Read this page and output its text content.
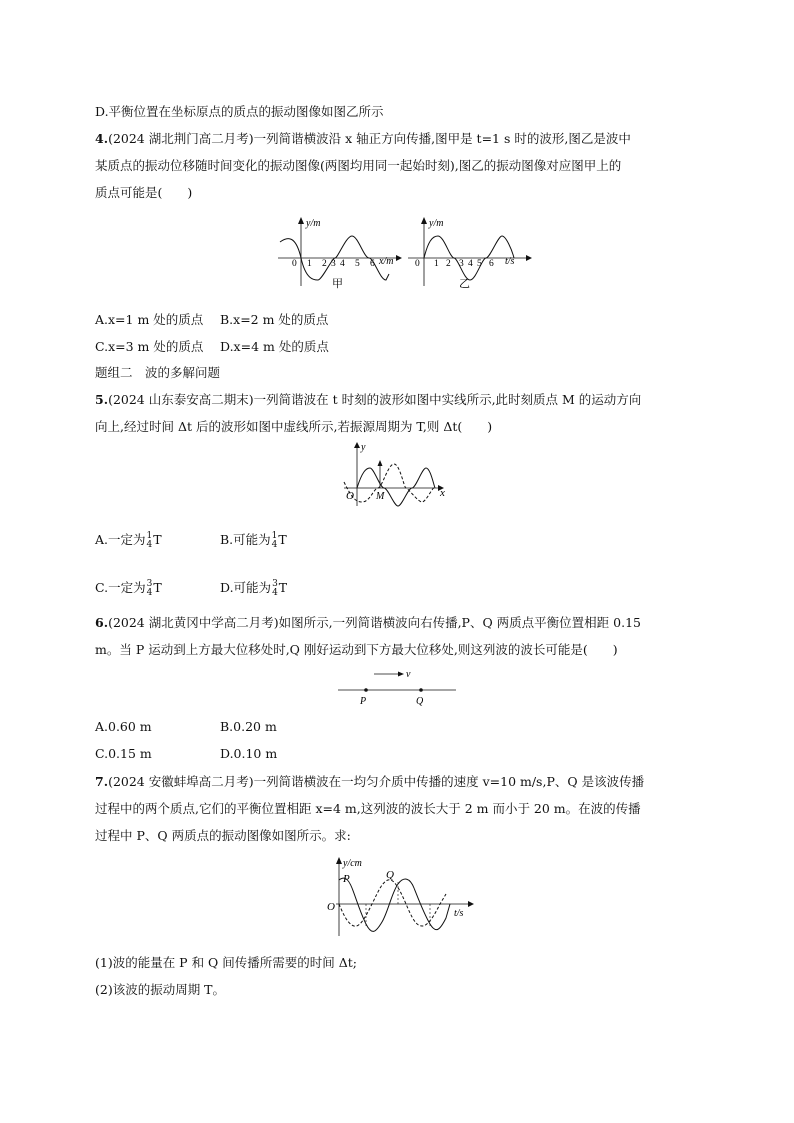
D.平衡位置在坐标原点的质点的振动图像如图乙所示
4.(2024 湖北荆门高二月考)一列简谐横波沿 x 轴正方向传播,图甲是 t=1 s 时的波形,图乙是波中
某质点的振动位移随时间变化的振动图像(两图均用同一起始时刻),图乙的振动图像对应图甲上的
质点可能是(　　)
y/m
x/m
0 1 2 3 4 5 6
甲
y/m
t/s
0 1 2 3 4 5 6
乙
A.x=1 m 处的质点 B.x=2 m 处的质点
C.x=3 m 处的质点 D.x=4 m 处的质点
题组二　波的多解问题
5.(2024 山东泰安高二期末)一列简谐波在 t 时刻的波形如图中实线所示,此时刻质点 M 的运动方向
向上,经过时间 Δt 后的波形如图中虚线所示,若振源周期为 T,则 Δt(　　)
y
x
O M
A.一定为 1
4 T	B.可能为 1
4 T
C.一定为 3
4 T	D.可能为 3
4 T
6.(2024 湖北黄冈中学高二月考)如图所示,一列简谐横波向右传播,P、Q 两质点平衡位置相距 0.15
m。当 P 运动到上方最大位移处时,Q 刚好运动到下方最大位移处,则这列波的波长可能是(　　)
v
P	Q
A.0.60 m	B.0.20 m
C.0.15 m	D.0.10 m
7.(2024 安徽蚌埠高二月考)一列简谐横波在一均匀介质中传播的速度 v=10 m/s,P、Q 是该波传播
过程中的两个质点,它们的平衡位置相距 x=4 m,这列波的波长大于 2 m 而小于 20 m。在波的传播
过程中 P、Q 两质点的振动图像如图所示。求:
y/cm
t/s
O
P	Q
(1)波的能量在 P 和 Q 间传播所需要的时间 Δt;
(2)该波的振动周期 T。
